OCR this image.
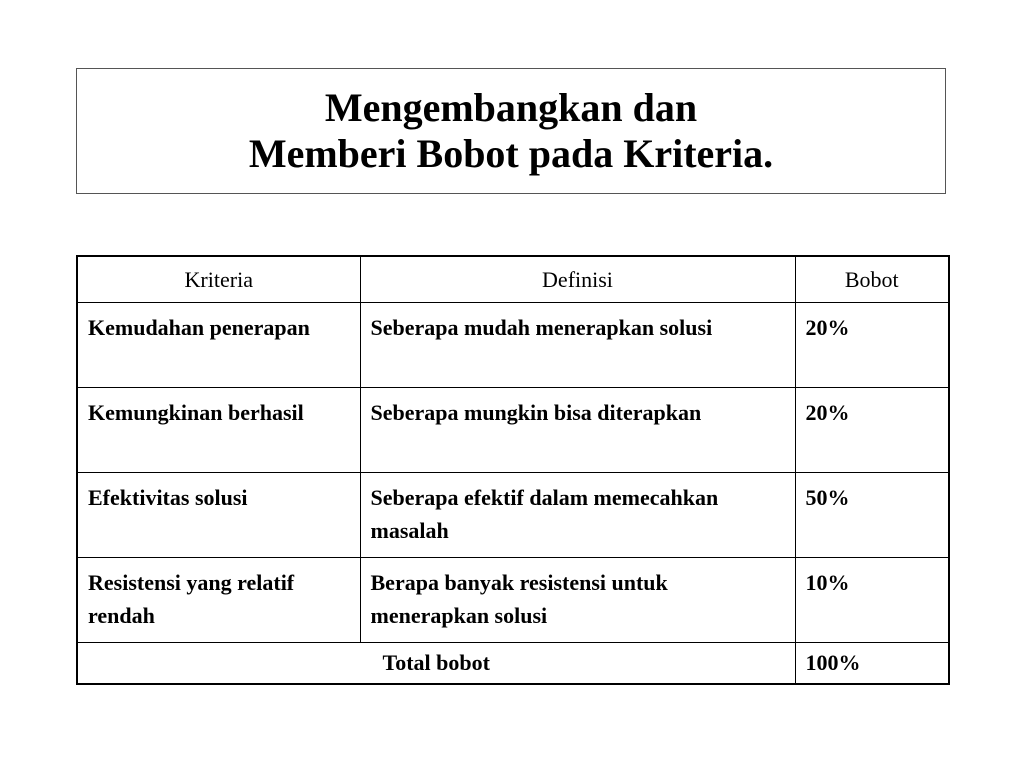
Mengembangkan dan
Memberi Bobot pada Kriteria.
Kriteria	Definisi	Bobot
Kemudahan penerapan	Seberapa mudah menerapkan solusi	20%
Kemungkinan berhasil	Seberapa mungkin bisa diterapkan	20%
Efektivitas solusi	Seberapa efektif dalam memecahkan masalah	50%
Resistensi yang relatif rendah	Berapa banyak resistensi untuk menerapkan solusi	10%
Total bobot		100%
